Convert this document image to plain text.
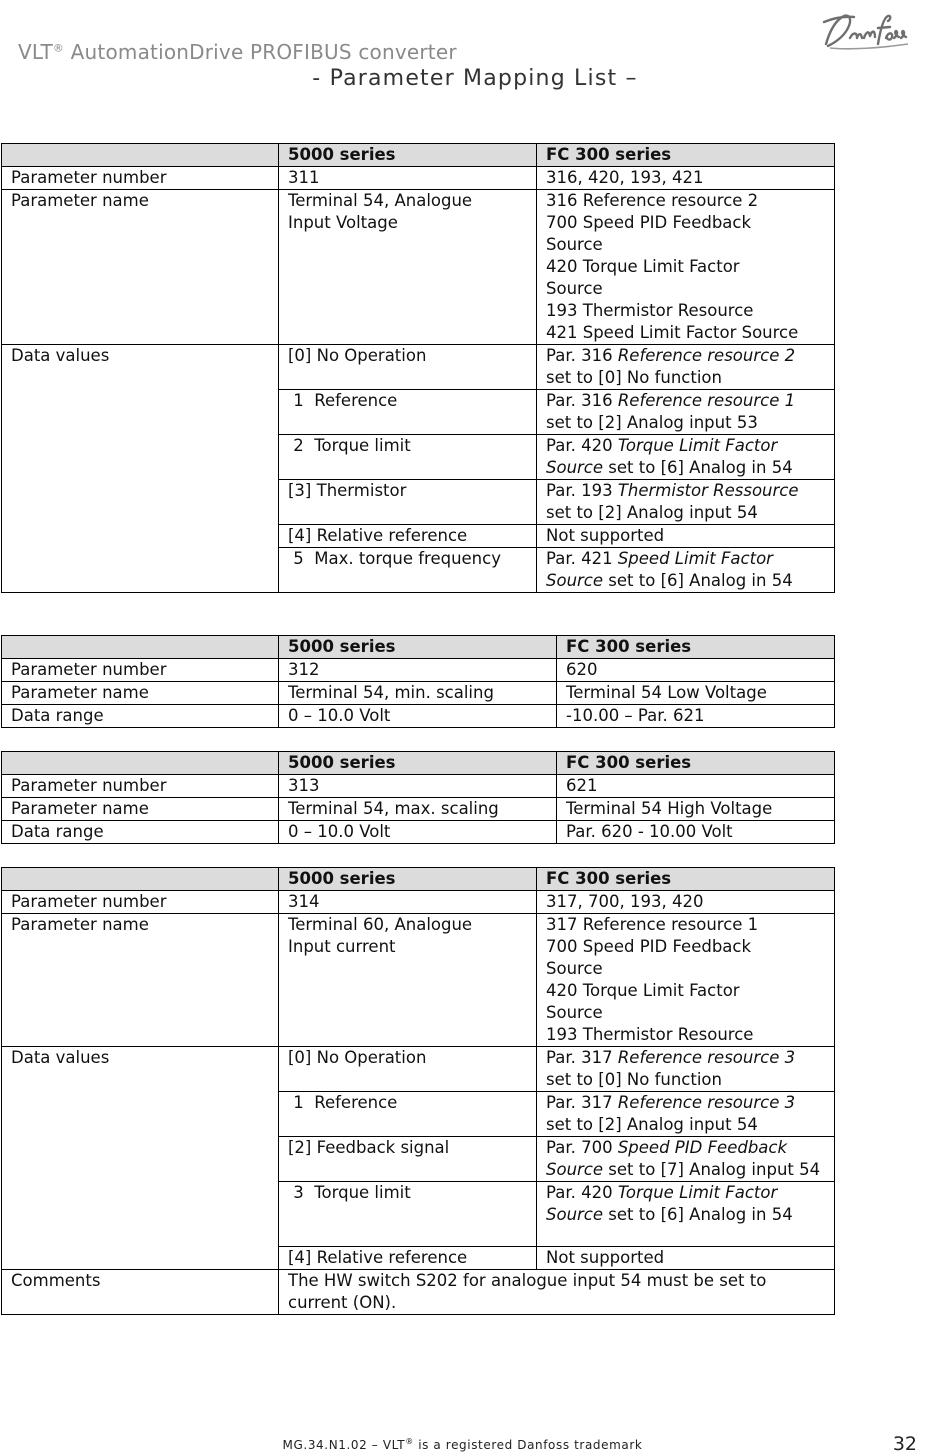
VLT® AutomationDrive PROFIBUS converter
- Parameter Mapping List –
	5000 series	FC 300 series
Parameter number	311	316, 420, 193, 421
Parameter name	Terminal 54, Analogue Input Voltage	316 Reference resource 2
700 Speed PID Feedback Source
420 Torque Limit Factor Source
193 Thermistor Resource
421 Speed Limit Factor Source

Data values	[0] No Operation	Par. 316 Reference resource 2 set to [0] No function
	1  Reference	Par. 316 Reference resource 1 set to [2] Analog input 53
	2  Torque limit	Par. 420 Torque Limit Factor Source set to [6] Analog in 54
	[3] Thermistor	Par. 193 Thermistor Ressource set to [2] Analog input 54
	[4] Relative reference	Not supported
	5  Max. torque frequency	Par. 421 Speed Limit Factor Source set to [6] Analog in 54
	5000 series	FC 300 series
Parameter number	312	620
Parameter name	Terminal 54, min. scaling	Terminal 54 Low Voltage
Data range	0 – 10.0 Volt	-10.00 – Par. 621
	5000 series	FC 300 series
Parameter number	313	621
Parameter name	Terminal 54, max. scaling	Terminal 54 High Voltage
Data range	0 – 10.0 Volt	Par. 620 - 10.00 Volt
	5000 series	FC 300 series
Parameter number	314	317, 700, 193, 420
Parameter name	Terminal 60, Analogue Input current	317 Reference resource 1
700 Speed PID Feedback Source
420 Torque Limit Factor Source
193 Thermistor Resource

Data values	[0] No Operation	Par. 317 Reference resource 3 set to [0] No function
	1  Reference	Par. 317 Reference resource 3 set to [2] Analog input 54
	[2] Feedback signal	Par. 700 Speed PID Feedback Source set to [7] Analog input 54
	3  Torque limit	Par. 420 Torque Limit Factor Source set to [6] Analog in 54
	[4] Relative reference	Not supported
Comments	The HW switch S202 for analogue input 54 must be set to current (ON).	
MG.34.N1.02 – VLT® is a registered Danfoss trademark	32
